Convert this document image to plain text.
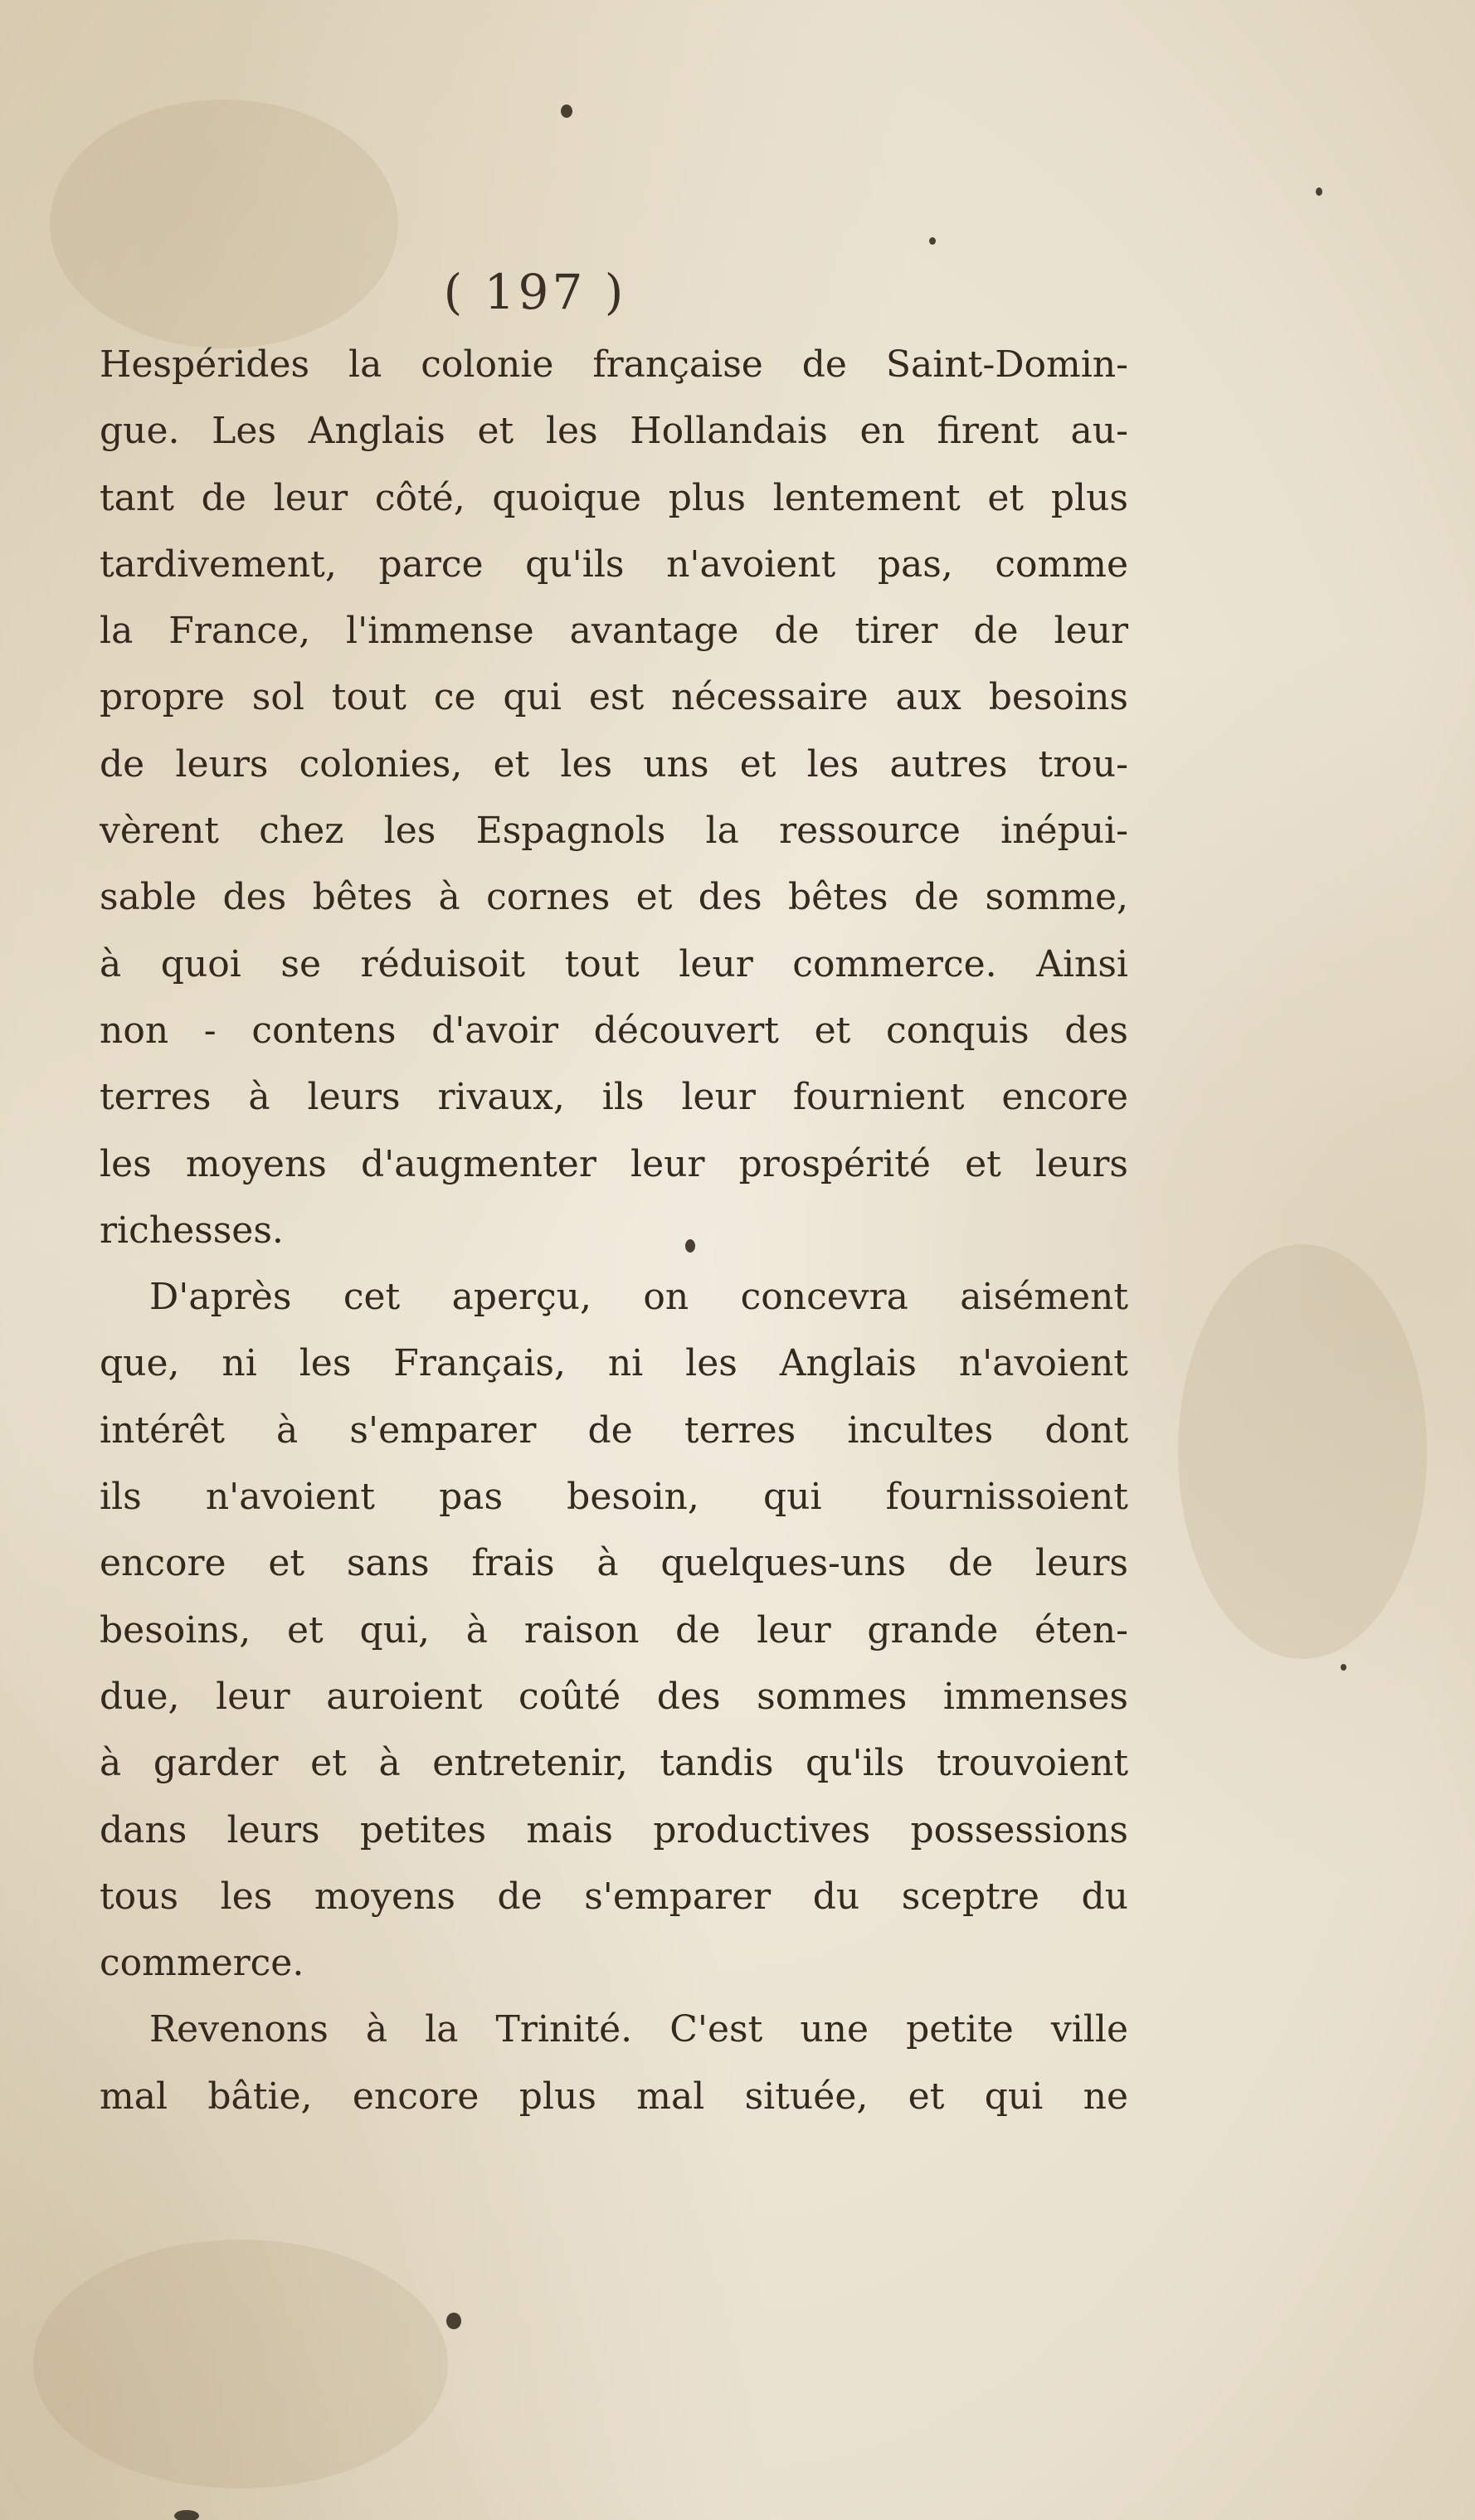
( 197 )
Hespérides la colonie française de Saint-Domin-
gue. Les Anglais et les Hollandais en firent au-
tant de leur côté, quoique plus lentement et plus
tardivement, parce qu'ils n'avoient pas, comme
la France, l'immense avantage de tirer de leur
propre sol tout ce qui est nécessaire aux besoins
de leurs colonies, et les uns et les autres trou-
vèrent chez les Espagnols la ressource inépui-
sable des bêtes à cornes et des bêtes de somme,
à quoi se réduisoit tout leur commerce. Ainsi
non - contens d'avoir découvert et conquis des
terres à leurs rivaux, ils leur fournient encore
les moyens d'augmenter leur prospérité et leurs
richesses.
D'après cet aperçu, on concevra aisément
que, ni les Français, ni les Anglais n'avoient
intérêt à s'emparer de terres incultes dont
ils n'avoient pas besoin, qui fournissoient
encore et sans frais à quelques-uns de leurs
besoins, et qui, à raison de leur grande éten-
due, leur auroient coûté des sommes immenses
à garder et à entretenir, tandis qu'ils trouvoient
dans leurs petites mais productives possessions
tous les moyens de s'emparer du sceptre du
commerce.
Revenons à la Trinité. C'est une petite ville
mal bâtie, encore plus mal située, et qui ne
